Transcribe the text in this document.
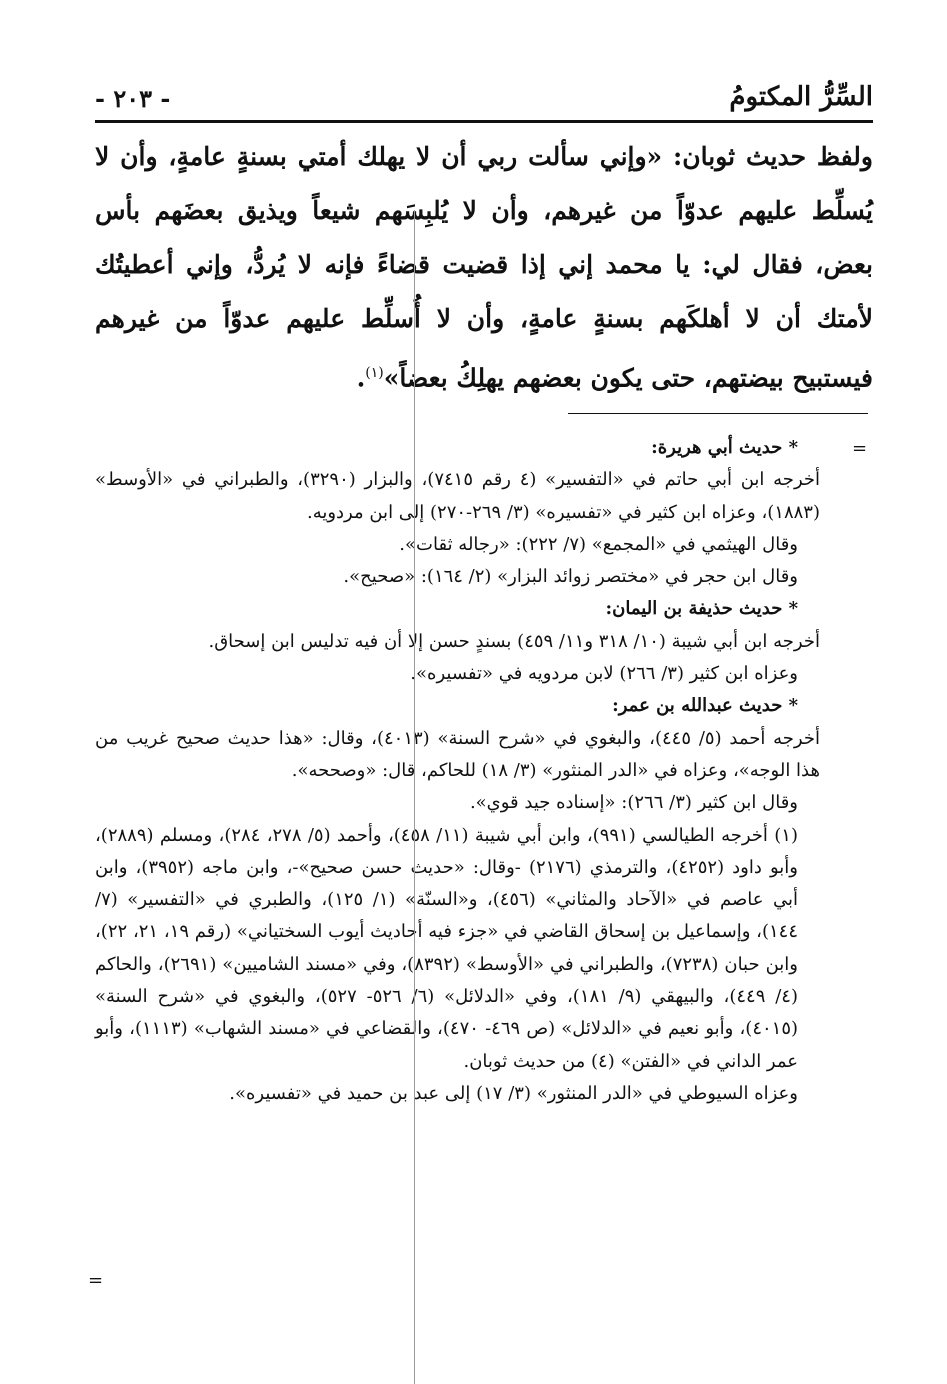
السِّرُّ المكتومُ
- ٢٠٣ -
ولفظ حديث ثوبان: «وإني سألت ربي أن لا يهلك أمتي بسنةٍ عامةٍ، وأن لا يُسلِّط عليهم عدوّاً من غيرهم، وأن لا يُلبِسَهم شيعاً ويذيق بعضَهم بأس بعض، فقال لي: يا محمد إني إذا قضيت قضاءً فإنه لا يُردُّ، وإني أعطيتُك لأمتك أن لا أهلكَهم بسنةٍ عامةٍ، وأن لا أُسلِّط عليهم عدوّاً من غيرهم فيستبيح بيضتهم، حتى يكون بعضهم يهلِكُ بعضاً»$^{(١)}$.
=

* حديث أبي هريرة:

أخرجه ابن أبي حاتم في «التفسير» (٤ رقم ٧٤١٥)، والبزار (٣٢٩٠)، والطبراني في «الأوسط» (١٨٨٣)، وعزاه ابن كثير في «تفسيره» (٣/ ٢٦٩-٢٧٠) إلى ابن مردويه.

وقال الهيثمي في «المجمع» (٧/ ٢٢٢): «رجاله ثقات».

وقال ابن حجر في «مختصر زوائد البزار» (٢/ ١٦٤): «صحيح».

* حديث حذيفة بن اليمان:

أخرجه ابن أبي شيبة (١٠/ ٣١٨ و١١/ ٤٥٩) بسندٍ حسن إلا أن فيه تدليس ابن إسحاق.

وعزاه ابن كثير (٣/ ٢٦٦) لابن مردويه في «تفسيره».

* حديث عبدالله بن عمر:

أخرجه أحمد (٥/ ٤٤٥)، والبغوي في «شرح السنة» (٤٠١٣)، وقال: «هذا حديث صحيح غريب من هذا الوجه»، وعزاه في «الدر المنثور» (٣/ ١٨) للحاكم، قال: «وصححه».

وقال ابن كثير (٣/ ٢٦٦): «إسناده جيد قوي».

(١) أخرجه الطيالسي (٩٩١)، وابن أبي شيبة (١١/ ٤٥٨)، وأحمد (٥/ ٢٧٨، ٢٨٤)، ومسلم (٢٨٨٩)، وأبو داود (٤٢٥٢)، والترمذي (٢١٧٦) -وقال: «حديث حسن صحيح»-، وابن ماجه (٣٩٥٢)، وابن أبي عاصم في «الآحاد والمثاني» (٤٥٦)، و«السنّة» (١/ ١٢٥)، والطبري في «التفسير» (٧/ ١٤٤)، وإسماعيل بن إسحاق القاضي في «جزء فيه أحاديث أيوب السختياني» (رقم ١٩، ٢١، ٢٢)، وابن حبان (٧٢٣٨)، والطبراني في «الأوسط» (٨٣٩٢)، وفي «مسند الشاميين» (٢٦٩١)، والحاكم (٤/ ٤٤٩)، والبيهقي (٩/ ١٨١)، وفي «الدلائل» (٦/ ٥٢٦- ٥٢٧)، والبغوي في «شرح السنة» (٤٠١٥)، وأبو نعيم في «الدلائل» (ص ٤٦٩- ٤٧٠)، والقضاعي في «مسند الشهاب» (١١١٣)، وأبو عمر الداني في «الفتن» (٤) من حديث ثوبان.

وعزاه السيوطي في «الدر المنثور» (٣/ ١٧) إلى عبد بن حميد في «تفسيره».

=
